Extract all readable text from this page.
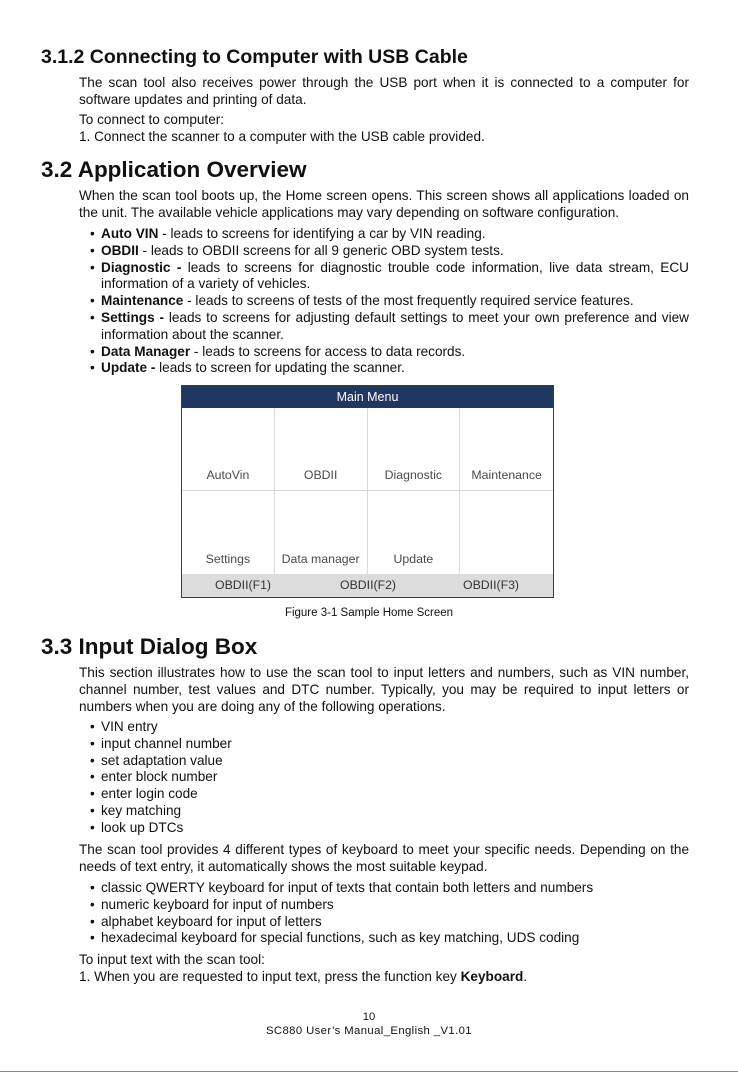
3.1.2 Connecting to Computer with USB Cable

The scan tool also receives power through the USB port when it is connected to a computer for software updates and printing of data.

To connect to computer:

1. Connect the scanner to a computer with the USB cable provided.

3.2 Application Overview

When the scan tool boots up, the Home screen opens. This screen shows all applications loaded on the unit. The available vehicle applications may vary depending on software configuration.

• Auto VIN - leads to screens for identifying a car by VIN reading.
• OBDII - leads to OBDII screens for all 9 generic OBD system tests.
• Diagnostic - leads to screens for diagnostic trouble code information, live data stream, ECU information of a variety of vehicles.
• Maintenance - leads to screens of tests of the most frequently required service features.
• Settings - leads to screens for adjusting default settings to meet your own preference and view information about the scanner.
• Data Manager - leads to screens for access to data records.
• Update - leads to screen for updating the scanner.
Main Menu
AutoVin	OBDII	Diagnostic	Maintenance
Settings	Data manager	Update
OBDII(F1)	OBDII(F2)	OBDII(F3)
Figure 3-1 Sample Home Screen
3.3 Input Dialog Box

This section illustrates how to use the scan tool to input letters and numbers, such as VIN number, channel number, test values and DTC number. Typically, you may be required to input letters or numbers when you are doing any of the following operations.

• VIN entry
• input channel number
• set adaptation value
• enter block number
• enter login code
• key matching
• look up DTCs

The scan tool provides 4 different types of keyboard to meet your specific needs. Depending on the needs of text entry, it automatically shows the most suitable keypad.

• classic QWERTY keyboard for input of texts that contain both letters and numbers
• numeric keyboard for input of numbers
• alphabet keyboard for input of letters
• hexadecimal keyboard for special functions, such as key matching, UDS coding

To input text with the scan tool:

1. When you are requested to input text, press the function key Keyboard.

10
SC880 User’s Manual_English _V1.01
